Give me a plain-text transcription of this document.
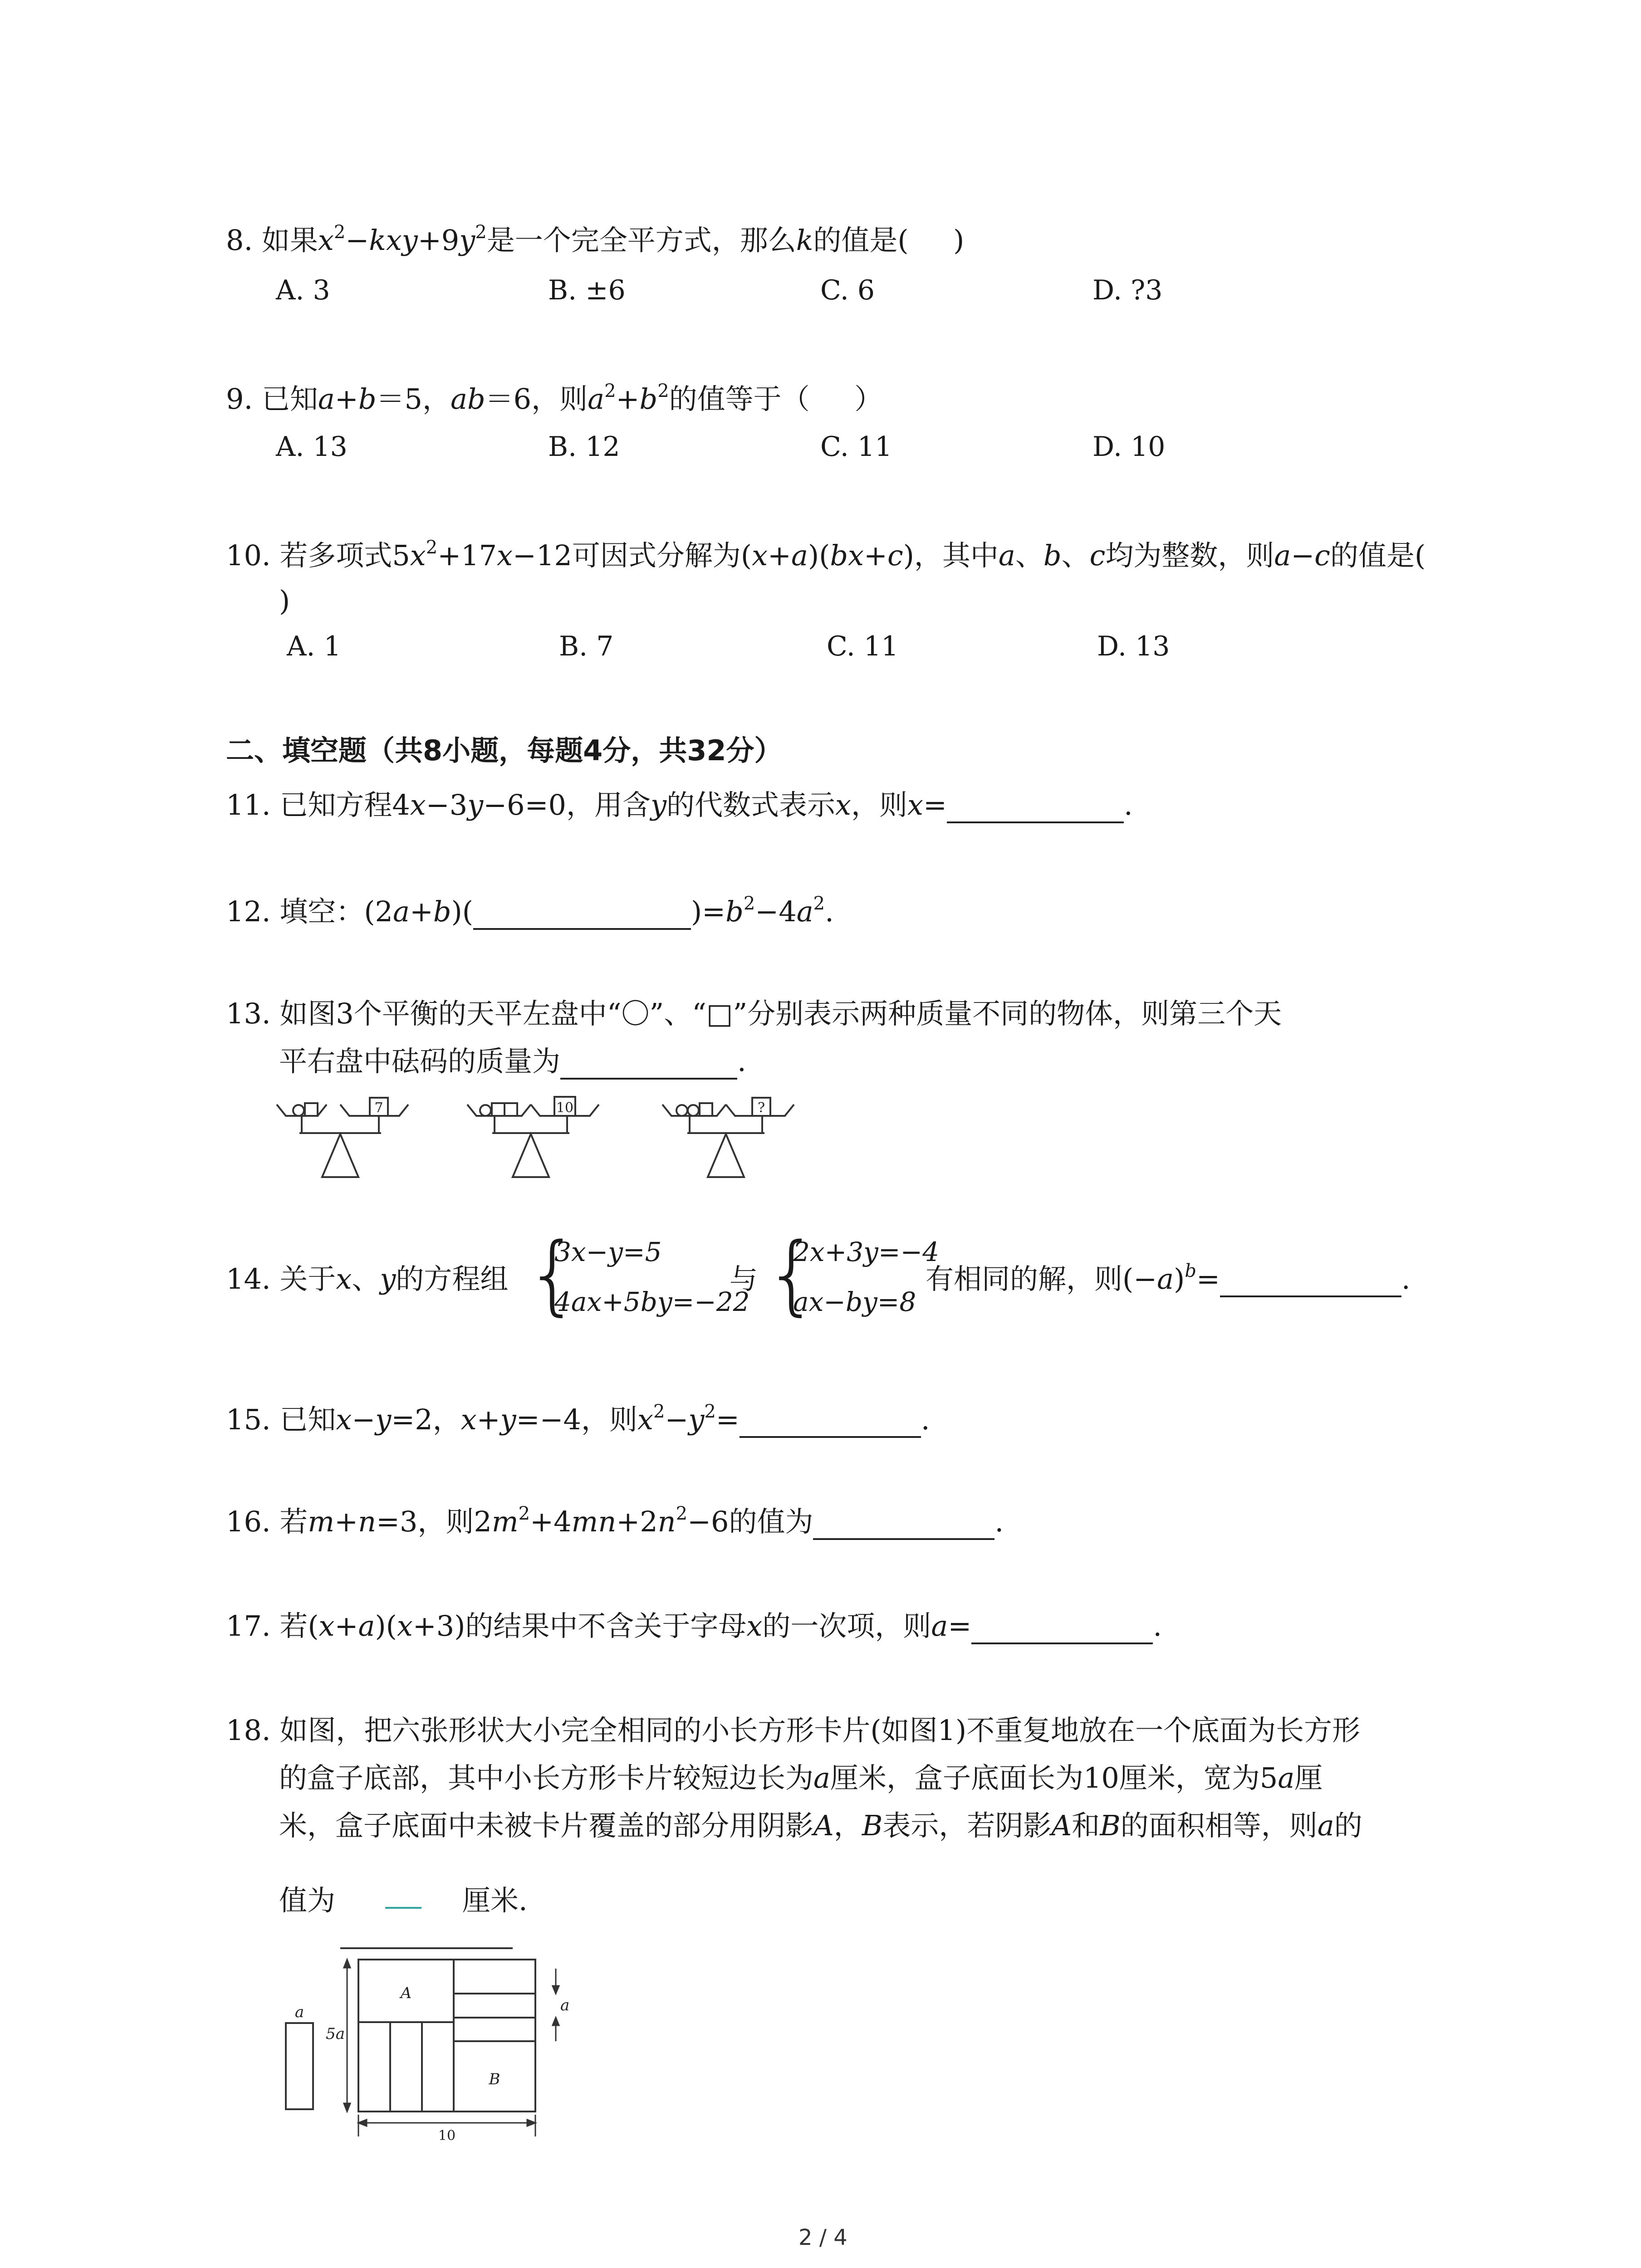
8. 如果$x^2-kxy+9y^2$是一个完全平方式，那么k的值是( )
A. 3	B. ±6	C. 6	D. ?3
9. 已知a+b＝5，ab＝6，则$a^2+b^2$的值等于（ ）
A. 13	B. 12	C. 11	D. 10
10. 若多项式$5x^2+17x-12$可因式分解为(x+a)(bx+c)，其中a、b、c均为整数，则a−c的值是(
)
A. 1	B. 7	C. 11	D. 13
二、填空题（共8小题，每题4分，共32分）
11. 已知方程4x−3y−6=0，用含y的代数式表示x，则x=	.
12. 填空：(2a+b)(	)$=b^2-4a^2$.
13. 如图3个平衡的天平左盘中“〇”、“□”分别表示两种质量不同的物体，则第三个天
平右盘中砝码的质量为	.
7	10	?
14. 关于x、y的方程组 {
3x−y=5
4ax+5by=−22
与 {
2x+3y=−4
ax−by=8
有相同的解，则$(-a)^b=$	.
15. 已知x−y=2，x+y=−4，则$x^2-y^2=$	.
16. 若m+n=3，则$2m^2+4mn+2n^2-6$的值为	.
17. 若(x+a)(x+3)的结果中不含关于字母x的一次项，则a=	.
18. 如图，把六张形状大小完全相同的小长方形卡片(如图1)不重复地放在一个底面为长方形
的盒子底部，其中小长方形卡片较短边长为a厘米，盒子底面长为10厘米，宽为5a厘
米，盒子底面中未被卡片覆盖的部分用阴影A，B表示，若阴影A和B的面积相等，则a的
值为	厘米.
a
A
B
5a
a
10
2 / 4
